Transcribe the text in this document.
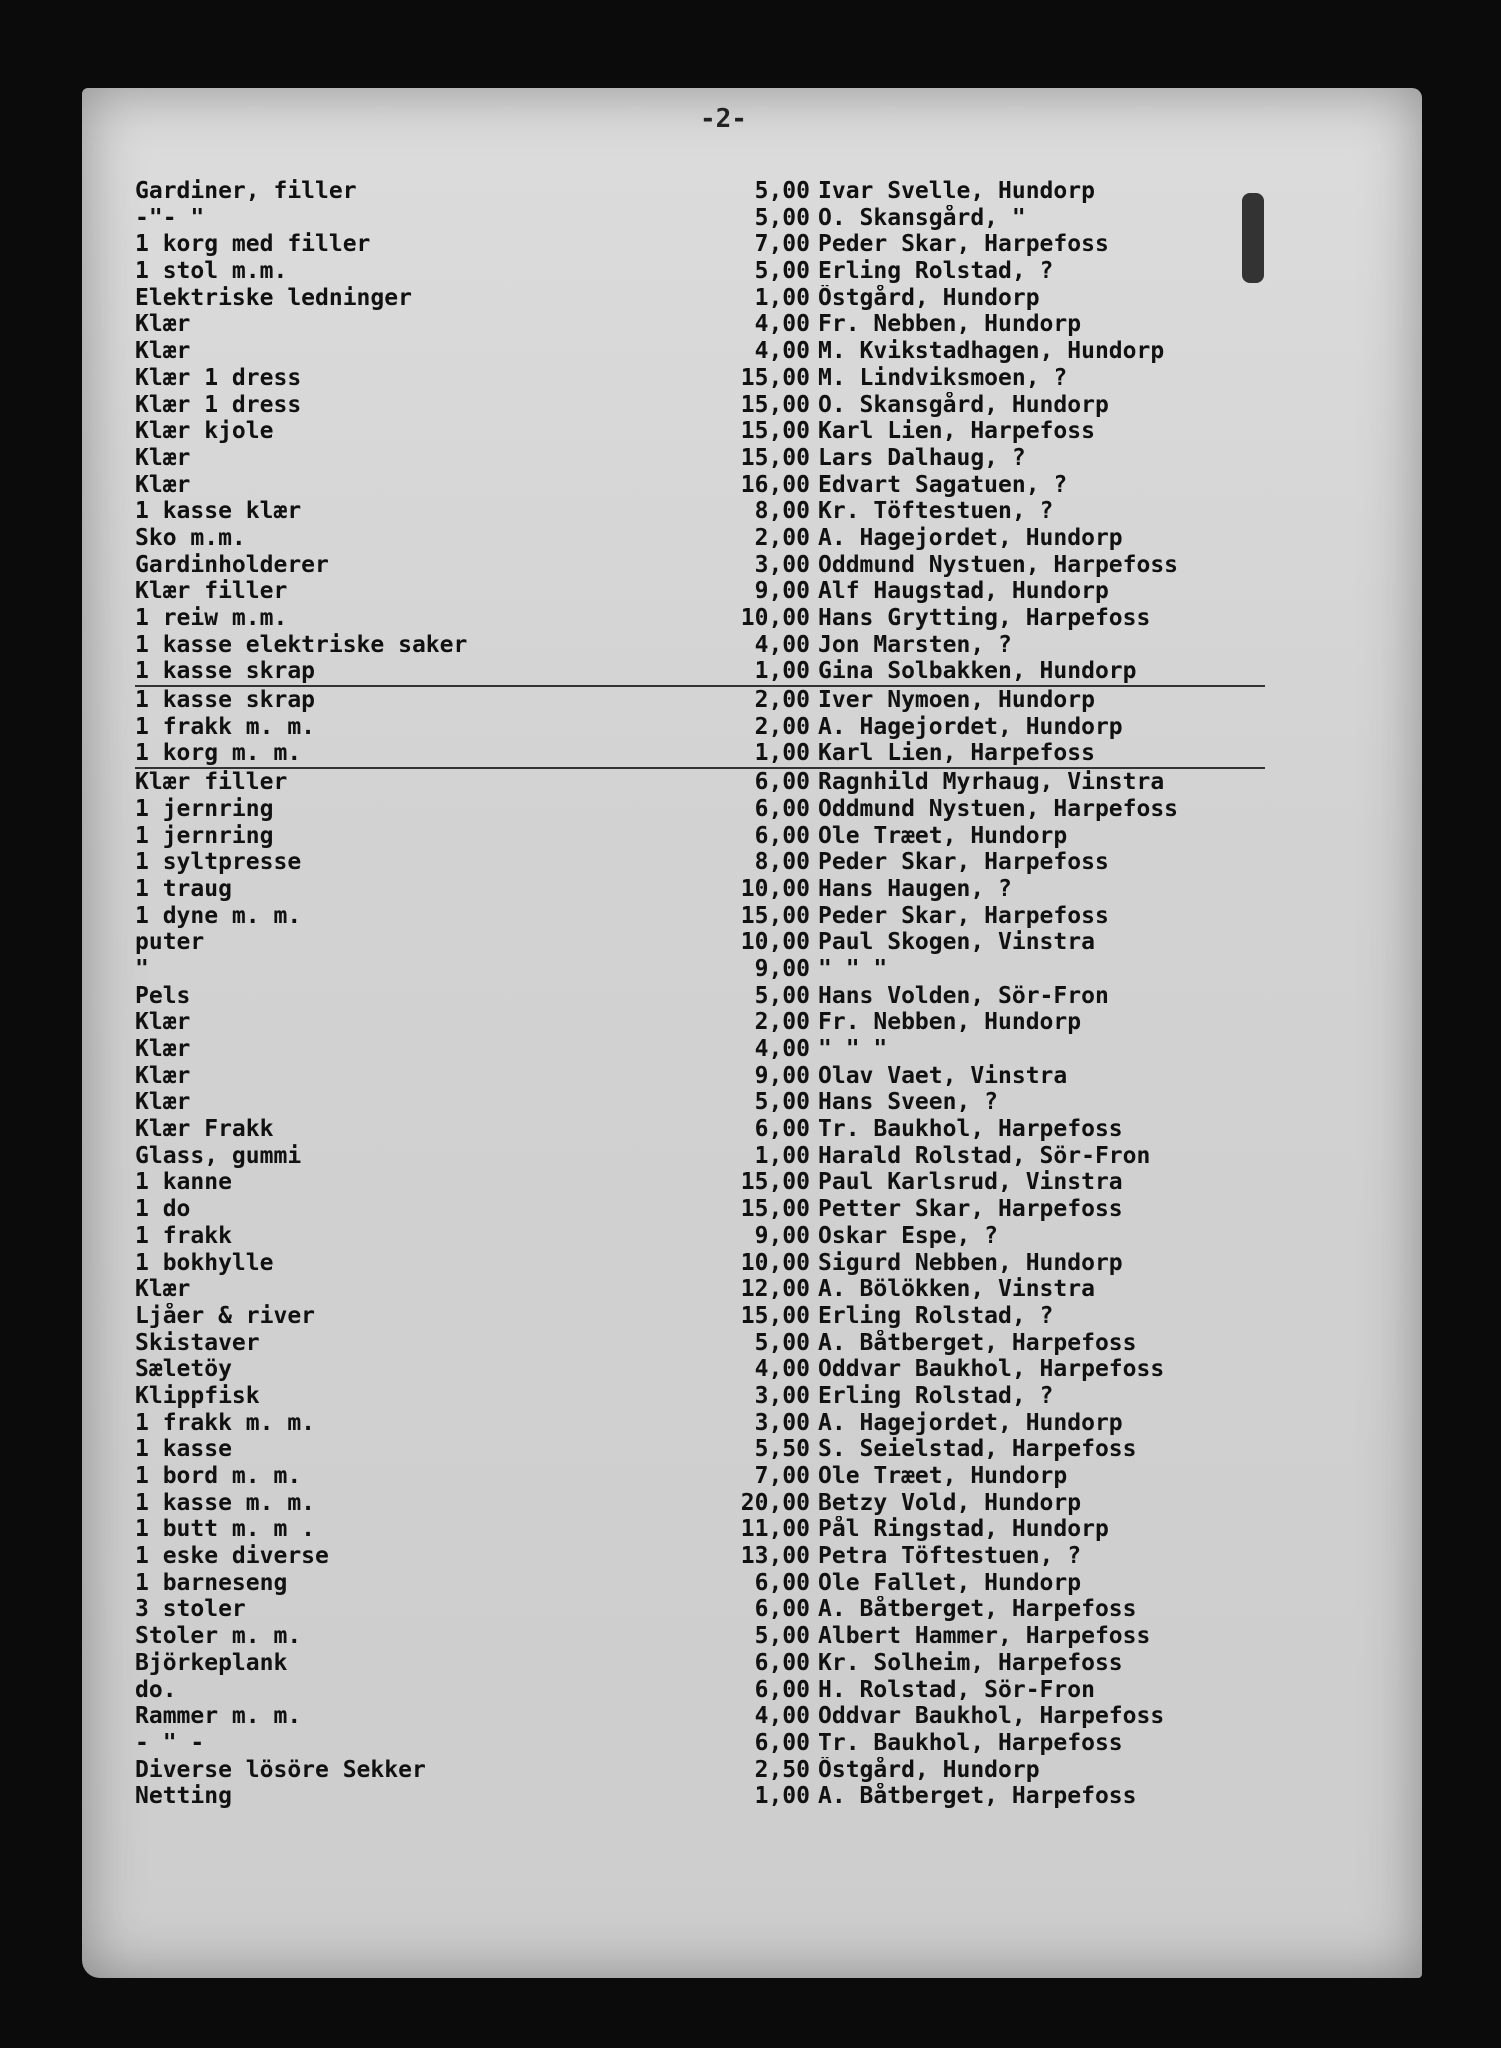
-2-
Gardiner, filler	5,00 Ivar Svelle, Hundorp
-"- "	5,00 O. Skansgård, "
1 korg med filler	7,00 Peder Skar, Harpefoss
1 stol m.m.	5,00 Erling Rolstad, ?
Elektriske ledninger	1,00 Östgård, Hundorp
Klær	4,00 Fr. Nebben, Hundorp
Klær	4,00 M. Kvikstadhagen, Hundorp
Klær 1 dress	15,00 M. Lindviksmoen, ?
Klær 1 dress	15,00 O. Skansgård, Hundorp
Klær kjole	15,00 Karl Lien, Harpefoss
Klær	15,00 Lars Dalhaug, ?
Klær	16,00 Edvart Sagatuen, ?
1 kasse klær	8,00 Kr. Töftestuen, ?
Sko m.m.	2,00 A. Hagejordet, Hundorp
Gardinholderer	3,00 Oddmund Nystuen, Harpefoss
Klær filler	9,00 Alf Haugstad, Hundorp
1 reiw m.m.	10,00 Hans Grytting, Harpefoss
1 kasse elektriske saker	4,00 Jon Marsten, ?
1 kasse skrap	1,00 Gina Solbakken, Hundorp
1 kasse skrap	2,00 Iver Nymoen, Hundorp
1 frakk m. m.	2,00 A. Hagejordet, Hundorp
1 korg m. m.	1,00 Karl Lien, Harpefoss
Klær filler	6,00 Ragnhild Myrhaug, Vinstra
1 jernring	6,00 Oddmund Nystuen, Harpefoss
1 jernring	6,00 Ole Træet, Hundorp
1 syltpresse	8,00 Peder Skar, Harpefoss
1 traug	10,00 Hans Haugen, ?
1 dyne m. m.	15,00 Peder Skar, Harpefoss
puter	10,00 Paul Skogen, Vinstra
"	9,00 " " "
Pels	5,00 Hans Volden, Sör-Fron
Klær	2,00 Fr. Nebben, Hundorp
Klær	4,00 " " "
Klær	9,00 Olav Vaet, Vinstra
Klær	5,00 Hans Sveen, ?
Klær Frakk	6,00 Tr. Baukhol, Harpefoss
Glass, gummi	1,00 Harald Rolstad, Sör-Fron
1 kanne	15,00 Paul Karlsrud, Vinstra
1 do	15,00 Petter Skar, Harpefoss
1 frakk	9,00 Oskar Espe, ?
1 bokhylle	10,00 Sigurd Nebben, Hundorp
Klær	12,00 A. Bölökken, Vinstra
Ljåer & river	15,00 Erling Rolstad, ?
Skistaver	5,00 A. Båtberget, Harpefoss
Sæletöy	4,00 Oddvar Baukhol, Harpefoss
Klippfisk	3,00 Erling Rolstad, ?
1 frakk m. m.	3,00 A. Hagejordet, Hundorp
1 kasse	5,50 S. Seielstad, Harpefoss
1 bord m. m.	7,00 Ole Træet, Hundorp
1 kasse m. m.	20,00 Betzy Vold, Hundorp
1 butt m. m .	11,00 Pål Ringstad, Hundorp
1 eske diverse	13,00 Petra Töftestuen, ?
1 barneseng	6,00 Ole Fallet, Hundorp
3 stoler	6,00 A. Båtberget, Harpefoss
Stoler m. m.	5,00 Albert Hammer, Harpefoss
Björkeplank	6,00 Kr. Solheim, Harpefoss
do.	6,00 H. Rolstad, Sör-Fron
Rammer m. m.	4,00 Oddvar Baukhol, Harpefoss
- " -	6,00 Tr. Baukhol, Harpefoss
Diverse lösöre Sekker	2,50 Östgård, Hundorp
Netting	1,00 A. Båtberget, Harpefoss
